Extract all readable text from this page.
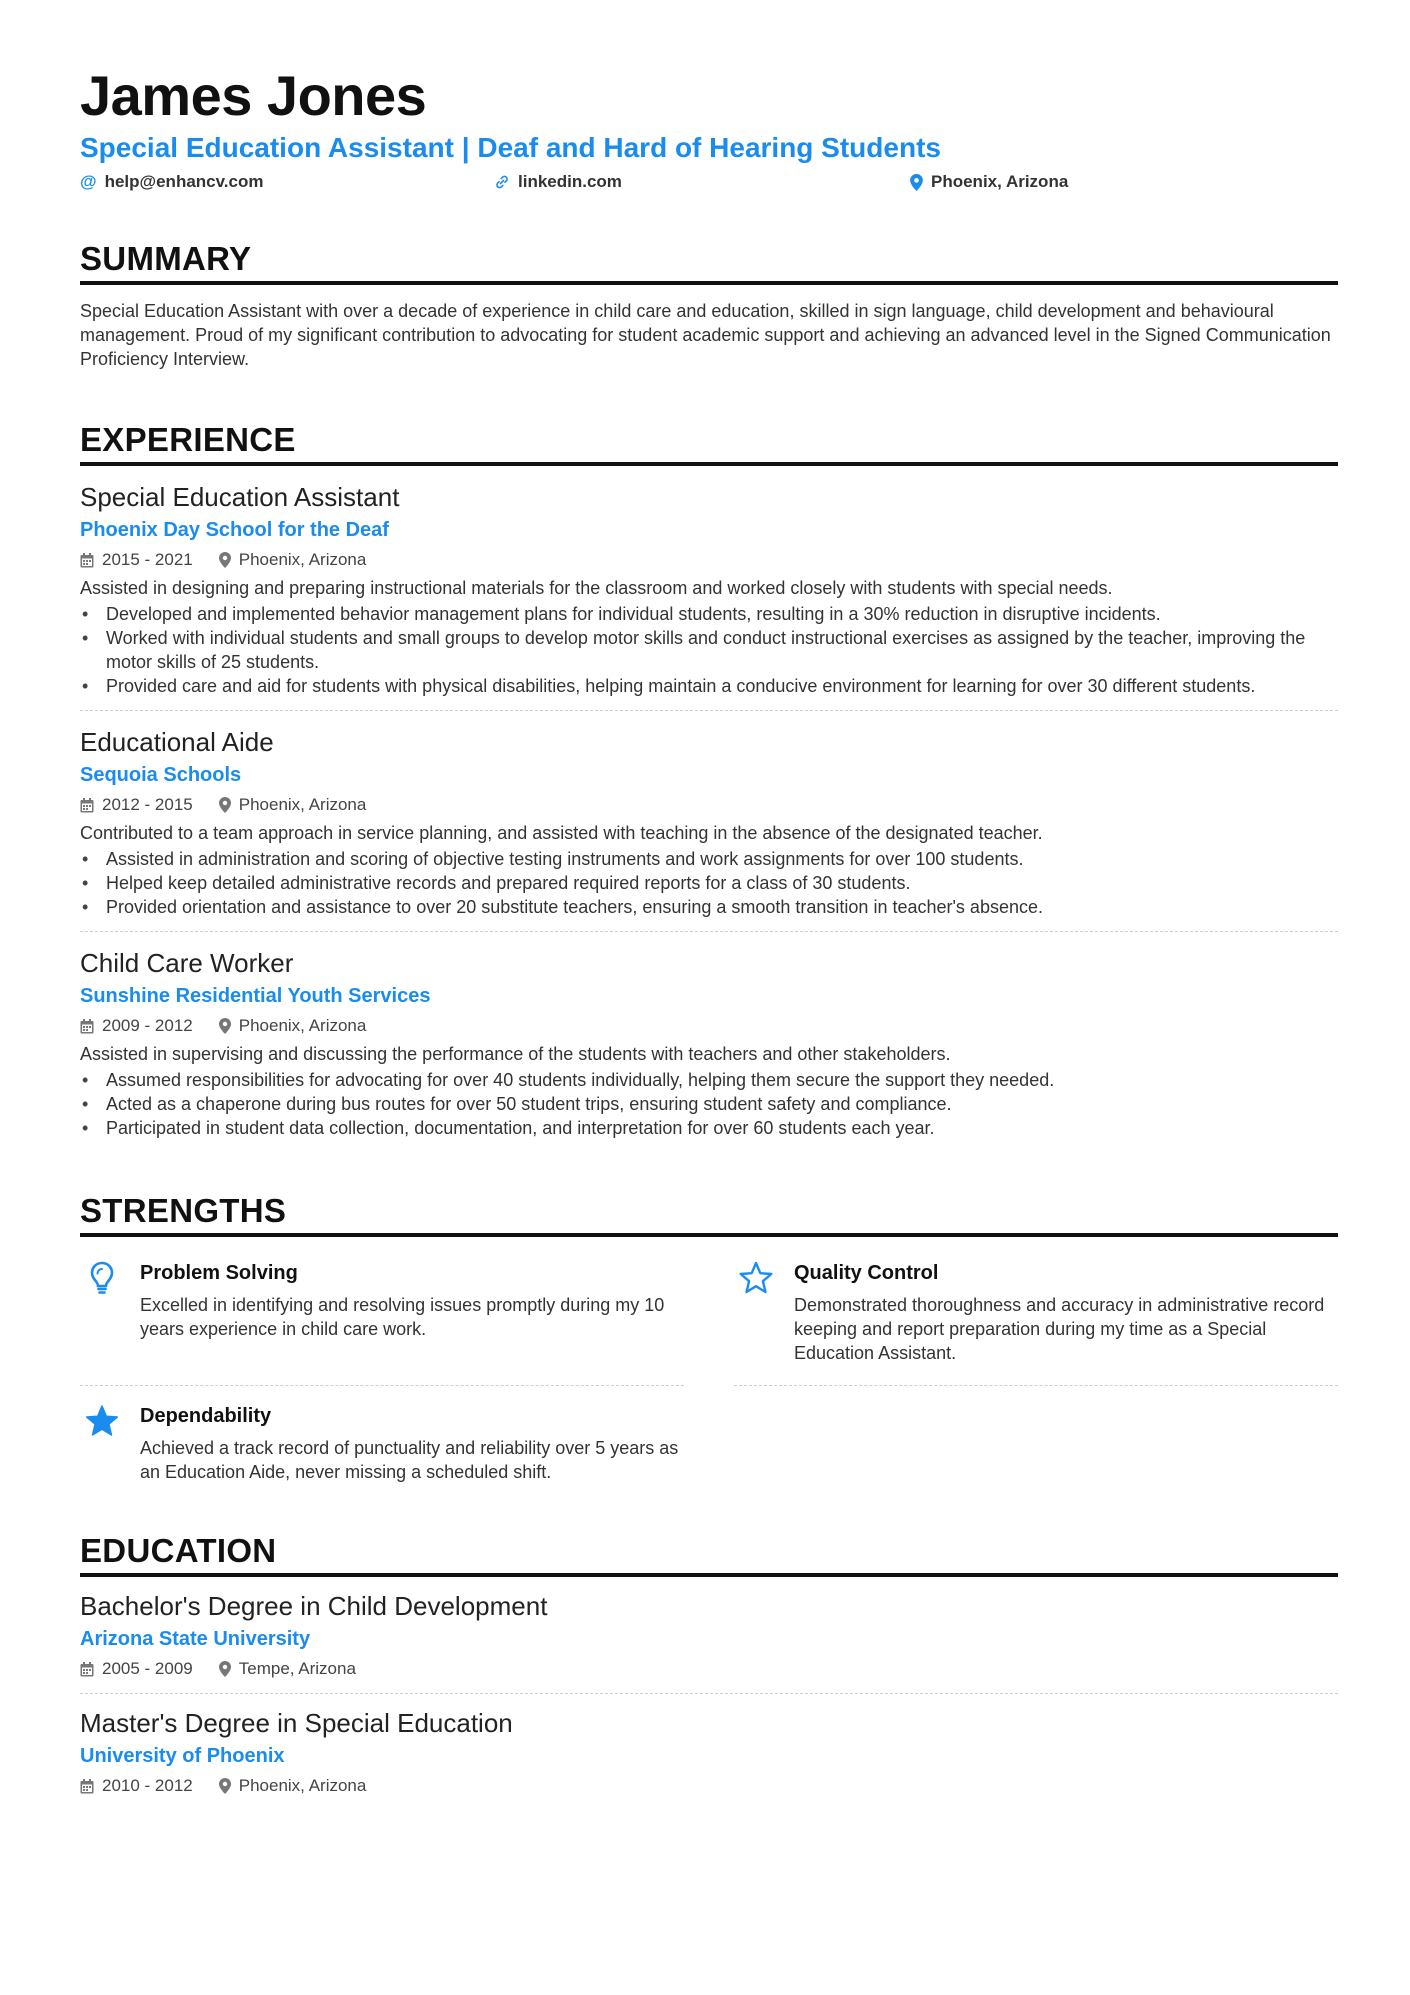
James Jones
Special Education Assistant | Deaf and Hard of Hearing Students
@ help@enhancv.com	linkedin.com	Phoenix, Arizona
SUMMARY
Special Education Assistant with over a decade of experience in child care and education, skilled in sign language, child development and behavioural management. Proud of my significant contribution to advocating for student academic support and achieving an advanced level in the Signed Communication Proficiency Interview.
EXPERIENCE
Special Education Assistant
Phoenix Day School for the Deaf
2015 - 2021	Phoenix, Arizona
Assisted in designing and preparing instructional materials for the classroom and worked closely with students with special needs.
• Developed and implemented behavior management plans for individual students, resulting in a 30% reduction in disruptive incidents.
• Worked with individual students and small groups to develop motor skills and conduct instructional exercises as assigned by the teacher, improving the motor skills of 25 students.
• Provided care and aid for students with physical disabilities, helping maintain a conducive environment for learning for over 30 different students.
Educational Aide
Sequoia Schools
2012 - 2015	Phoenix, Arizona
Contributed to a team approach in service planning, and assisted with teaching in the absence of the designated teacher.
• Assisted in administration and scoring of objective testing instruments and work assignments for over 100 students.
• Helped keep detailed administrative records and prepared required reports for a class of 30 students.
• Provided orientation and assistance to over 20 substitute teachers, ensuring a smooth transition in teacher's absence.
Child Care Worker
Sunshine Residential Youth Services
2009 - 2012	Phoenix, Arizona
Assisted in supervising and discussing the performance of the students with teachers and other stakeholders.
• Assumed responsibilities for advocating for over 40 students individually, helping them secure the support they needed.
• Acted as a chaperone during bus routes for over 50 student trips, ensuring student safety and compliance.
• Participated in student data collection, documentation, and interpretation for over 60 students each year.
STRENGTHS
Problem Solving
Excelled in identifying and resolving issues promptly during my 10 years experience in child care work.
Quality Control
Demonstrated thoroughness and accuracy in administrative record keeping and report preparation during my time as a Special Education Assistant.
Dependability
Achieved a track record of punctuality and reliability over 5 years as an Education Aide, never missing a scheduled shift.
EDUCATION
Bachelor's Degree in Child Development
Arizona State University
2005 - 2009	Tempe, Arizona
Master's Degree in Special Education
University of Phoenix
2010 - 2012	Phoenix, Arizona
